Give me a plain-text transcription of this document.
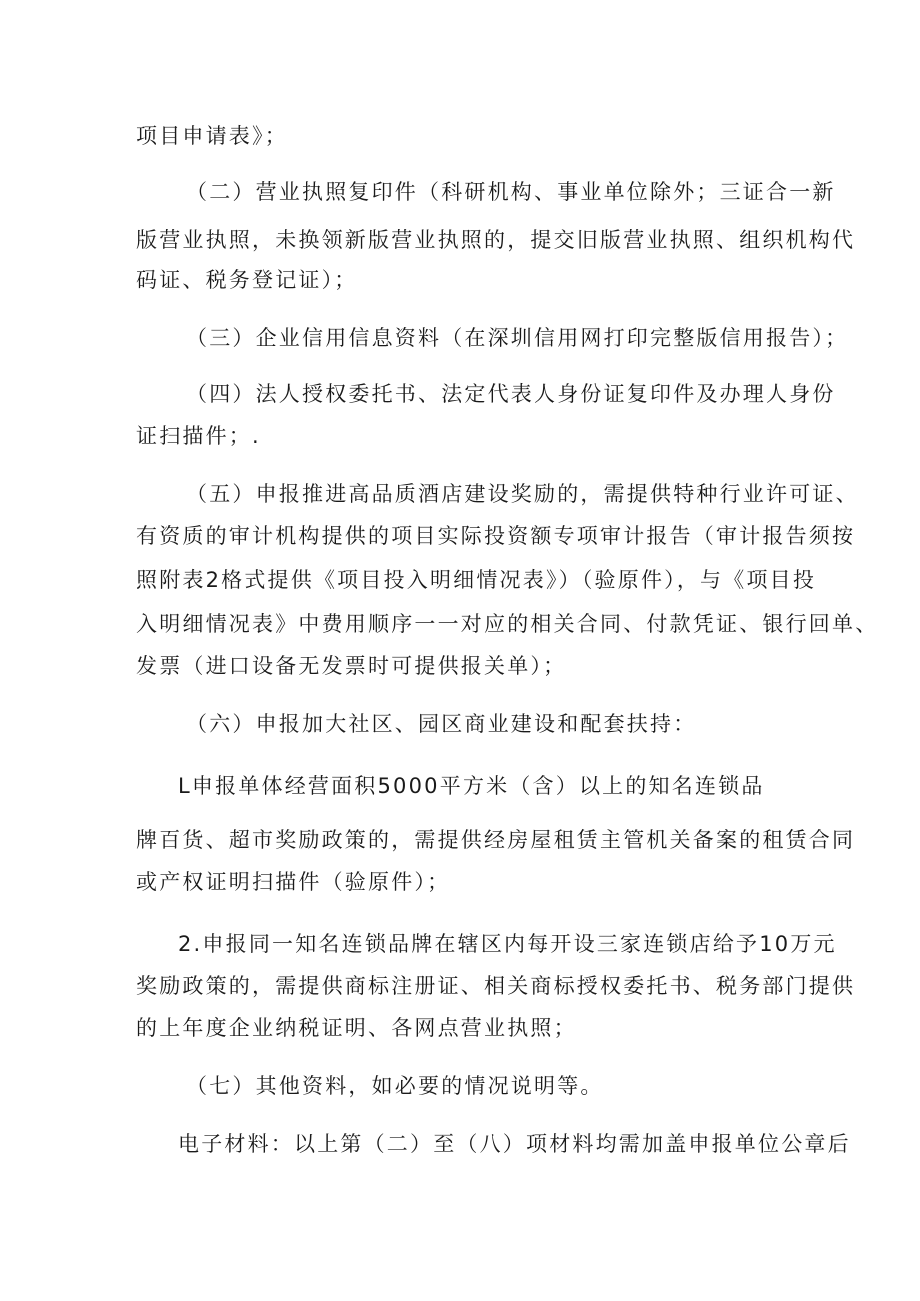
项目申请表》；
（二）营业执照复印件（科研机构、事业单位除外；三证合一新
版营业执照，未换领新版营业执照的，提交旧版营业执照、组织机构代
码证、税务登记证）；
（三）企业信用信息资料（在深圳信用网打印完整版信用报告）；
（四）法人授权委托书、法定代表人身份证复印件及办理人身份
证扫描件；.
（五）申报推进高品质酒店建设奖励的，需提供特种行业许可证、
有资质的审计机构提供的项目实际投资额专项审计报告（审计报告须按
照附表2格式提供《项目投入明细情况表》）（验原件），与《项目投
入明细情况表》中费用顺序一一对应的相关合同、付款凭证、银行回单、
发票（进口设备无发票时可提供报关单）；
（六）申报加大社区、园区商业建设和配套扶持：
L申报单体经营面积5000平方米（含）以上的知名连锁品
牌百货、超市奖励政策的，需提供经房屋租赁主管机关备案的租赁合同
或产权证明扫描件（验原件）；
2.申报同一知名连锁品牌在辖区内每开设三家连锁店给予10万元
奖励政策的，需提供商标注册证、相关商标授权委托书、税务部门提供
的上年度企业纳税证明、各网点营业执照；
（七）其他资料，如必要的情况说明等。
电子材料：以上第（二）至（八）项材料均需加盖申报单位公章后
